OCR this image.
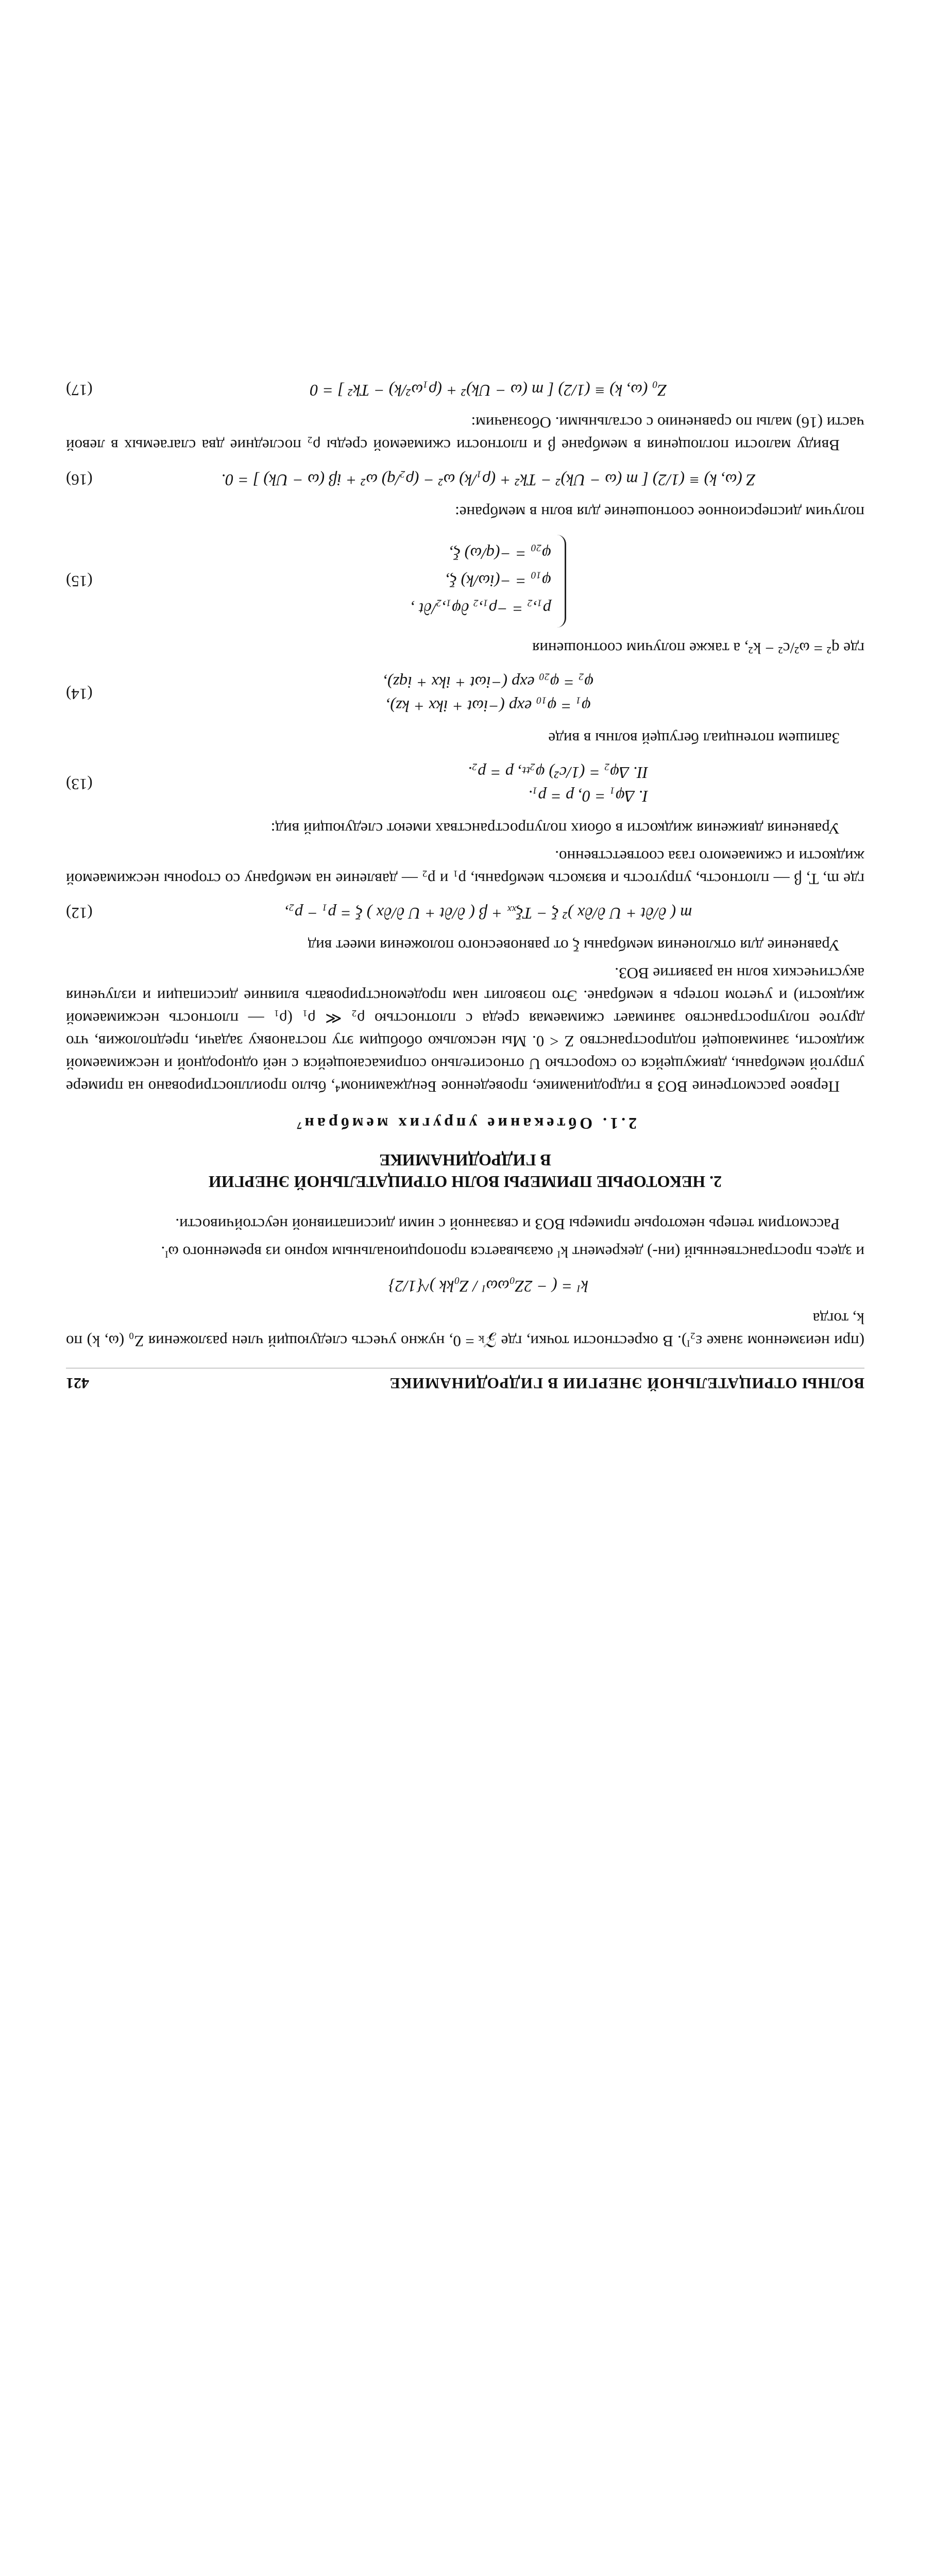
ВОЛНЫ ОТРИЦАТЕЛЬНОЙ ЭНЕРГИИ В ГИДРОДИНАМИКЕ
421

(при неизменном знаке ε₂ᴵ). В окрестности точки, где 𝒵ₖ = 0, нужно учесть следующий член разложения Z₀ (ω, k) по k, тогда

kᴵ = ( − 2Z₀ωωᴵ / Z₀kk )^{1/2}

и здесь пространственный (ин-) декремент kᴵ оказывается пропорциональным корню из временного ωᴵ.

Рассмотрим теперь некоторые примеры ВОЗ и связанной с ними диссипативной неустойчивости.

2. НЕКОТОРЫЕ ПРИМЕРЫ ВОЛН ОТРИЦАТЕЛЬНОЙ ЭНЕРГИИ
В ГИДРОДИНАМИКЕ
2.1. Обтекание упругих мембран⁷

Первое рассмотрение ВОЗ в гидродинамике, проведенное Бенджамином⁴, было проиллюстрировано на примере упругой мембраны, движущейся со скоростью U относительно соприкасающейся с ней однородной и несжимаемой жидкости, занимающей подпространство Z < 0. Мы несколько обобщим эту постановку задачи, предположив, что другое полупространство занимает сжимаемая среда с плотностью ρ₂ ≪ ρ₁ (ρ₁ — плотность несжимаемой жидкости) и учетом потерь в мембране. Это позволит нам продемонстрировать влияние диссипации и излучения акустических волн на развитие ВОЗ.

Уравнение для отклонения мембраны ξ от равновесного положения имеет вид

m ( ∂/∂t + U ∂/∂x )² ξ − Tξₓₓ + β ( ∂/∂t + U ∂/∂x ) ξ = p₁ − p₂,
(12)

где m, T, β — плотность, упругость и вязкость мембраны, p₁ и p₂ — давление на мембрану со стороны несжимаемой жидкости и сжимаемого газа соответственно.

Уравнения движения жидкости в обоих полупространствах имеют следующий вид:

I. Δφ₁ = 0, p = p₁.
II. Δφ₂ = (1/c²) φ₂ₜₜ, p = p₂.
(13)

Запишем потенциал бегущей волны в виде

φ₁ = φ₁₀ exp (−iωt + ikx + kz),
φ₂ = φ₂₀ exp (−iωt + ikx + iqz),
(14)

где q² = ω²/c² − k², а также получим соотношения

p₁,₂ = −ρ₁,₂ ∂φ₁,₂/∂t ,
φ₁₀ = −(iω/k) ξ,
φ₂₀ = −(q/ω) ξ,
(15)

получим дисперсионное соотношение для волн в мембране:

Z (ω, k) ≡ (1/2) [ m (ω − Uk)² − Tk² + (ρ₁/k) ω² − (ρ₂/q) ω² + iβ (ω − Uk) ] = 0.
(16)

Ввиду малости поглощения в мембране β и плотности сжимаемой среды ρ₂ последние два слагаемых в левой части (16) малы по сравнению с остальными. Обозначим:

Z₀ (ω, k) ≡ (1/2) [ m (ω − Uk)² + (ρ₁ω²/k) − Tk² ] = 0
(17)
